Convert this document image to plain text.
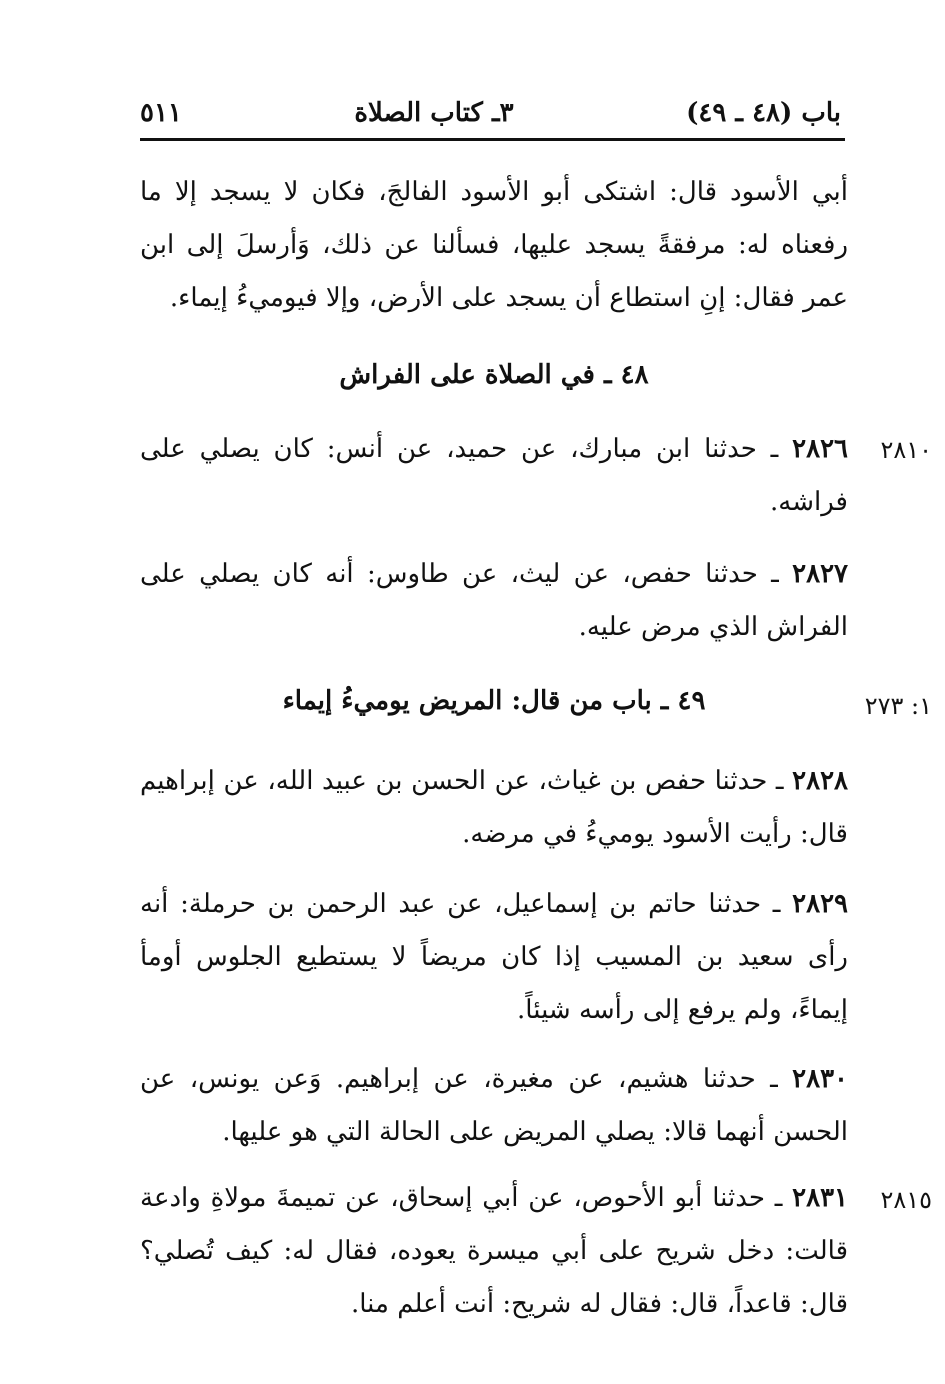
باب (٤٨ ـ ٤٩)
٣ـ كتاب الصلاة
٥١١
أبي الأسود قال: اشتكى أبو الأسود الفالجَ، فكان لا يسجد إلا ما رفعناه له: مرفقةً يسجد عليها، فسألنا عن ذلك، وَأرسلَ إلى ابن عمر فقال: إنِ استطاع أن يسجد على الأرض، وإلا فيوميءُ إيماء.
٤٨ ـ في الصلاة على الفراش
٢٨١٠
٢٨٢٦ ـ حدثنا ابن مبارك، عن حميد، عن أنس: كان يصلي على فراشه.
٢٨٢٧ ـ حدثنا حفص، عن ليث، عن طاوس: أنه كان يصلي على الفراش الذي مرض عليه.
١: ٢٧٣
٤٩ ـ باب من قال: المريض يوميءُ إيماء
٢٨٢٨ ـ حدثنا حفص بن غياث، عن الحسن بن عبيد الله، عن إبراهيم قال: رأيت الأسود يوميءُ في مرضه.
٢٨٢٩ ـ حدثنا حاتم بن إسماعيل، عن عبد الرحمن بن حرملة: أنه رأى سعيد بن المسيب إذا كان مريضاً لا يستطيع الجلوس أومأ إيماءً، ولم يرفع إلى رأسه شيئاً.
٢٨٣٠ ـ حدثنا هشيم، عن مغيرة، عن إبراهيم. وَعن يونس، عن الحسن أنهما قالا: يصلي المريض على الحالة التي هو عليها.
٢٨١٥
٢٨٣١ ـ حدثنا أبو الأحوص، عن أبي إسحاق، عن تميمةَ مولاةِ وادعة قالت: دخل شريح على أبي ميسرة يعوده، فقال له: كيف تُصلي؟ قال: قاعداً، قال: فقال له شريح: أنت أعلم منا.
